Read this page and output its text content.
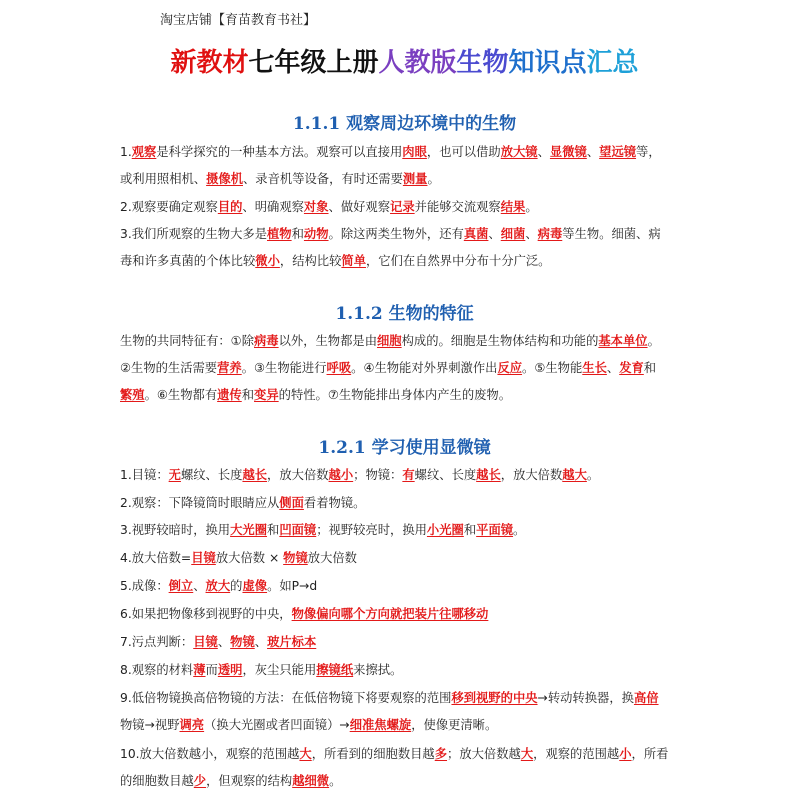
淘宝店铺【育苗教育书社】
新教材七年级上册人教版生物知识点汇总
1.1.1 观察周边环境中的生物
1.观察是科学探究的一种基本方法。观察可以直接用肉眼，也可以借助放大镜、显微镜、望远镜等，
或利用照相机、摄像机、录音机等设备，有时还需要测量。
2.观察要确定观察目的、明确观察对象、做好观察记录并能够交流观察结果。
3.我们所观察的生物大多是植物和动物。除这两类生物外，还有真菌、细菌、病毒等生物。细菌、病
毒和许多真菌的个体比较微小，结构比较简单，它们在自然界中分布十分广泛。
1.1.2 生物的特征
生物的共同特征有：①除病毒以外，生物都是由细胞构成的。细胞是生物体结构和功能的基本单位。
②生物的生活需要营养。③生物能进行呼吸。④生物能对外界刺激作出反应。⑤生物能生长、发育和
繁殖。⑥生物都有遗传和变异的特性。⑦生物能排出身体内产生的废物。
1.2.1 学习使用显微镜
1.目镜：无螺纹、长度越长，放大倍数越小；物镜：有螺纹、长度越长，放大倍数越大。
2.观察：下降镜筒时眼睛应从侧面看着物镜。
3.视野较暗时，换用大光圈和凹面镜；视野较亮时，换用小光圈和平面镜。
4.放大倍数=目镜放大倍数 × 物镜放大倍数
5.成像：倒立、放大的虚像。如P→d
6.如果把物像移到视野的中央，物像偏向哪个方向就把装片往哪移动
7.污点判断：目镜、物镜、玻片标本
8.观察的材料薄而透明，灰尘只能用擦镜纸来擦拭。
9.低倍物镜换高倍物镜的方法：在低倍物镜下将要观察的范围移到视野的中央→转动转换器，换高倍
物镜→视野调亮（换大光圈或者凹面镜）→细准焦螺旋，使像更清晰。
10.放大倍数越小，观察的范围越大，所看到的细胞数目越多；放大倍数越大，观察的范围越小，所看
的细胞数目越少，但观察的结构越细微。
